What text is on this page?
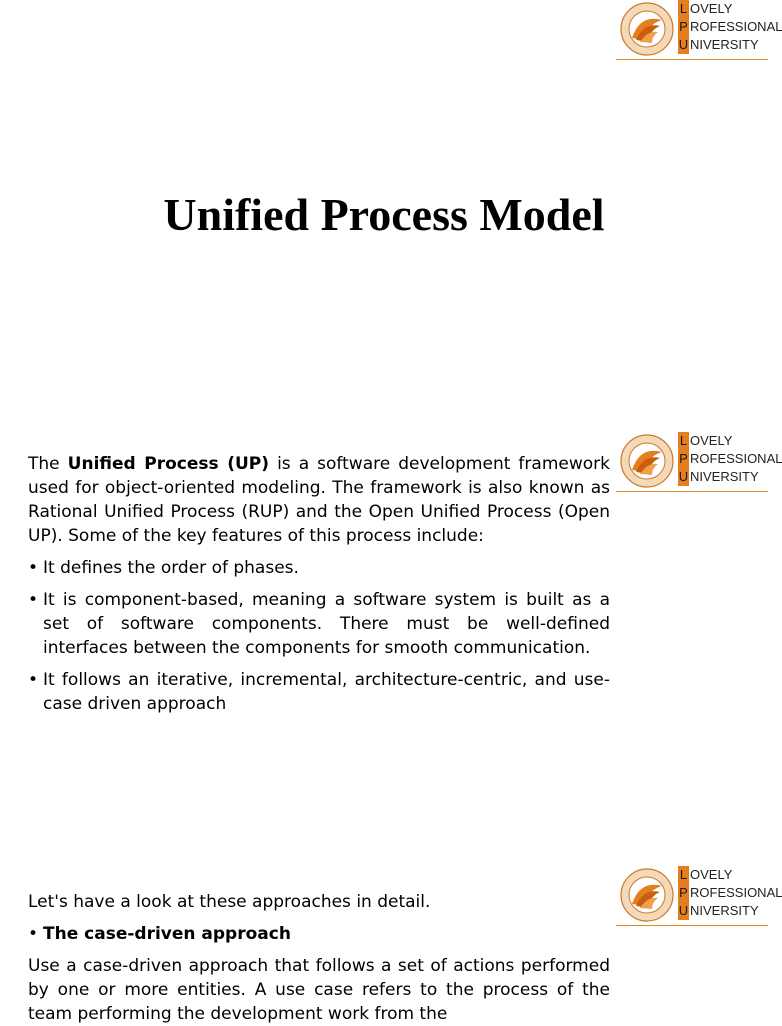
L OVELY
P ROFESSIONAL
U NIVERSITY
Unified Process Model
L OVELY
P ROFESSIONAL
U NIVERSITY

The Unified Process (UP) is a software development framework used for object-oriented modeling. The framework is also known as Rational Unified Process (RUP) and the Open Unified Process (Open UP). Some of the key features of this process include:

• It defines the order of phases.
• It is component-based, meaning a software system is built as a set of software components. There must be well-defined interfaces between the components for smooth communication.
• It follows an iterative, incremental, architecture-centric, and use-case driven approach
L OVELY
P ROFESSIONAL
U NIVERSITY

Let's have a look at these approaches in detail.

• The case-driven approach

Use a case-driven approach that follows a set of actions performed by one or more entities. A use case refers to the process of the team performing the development work from the
